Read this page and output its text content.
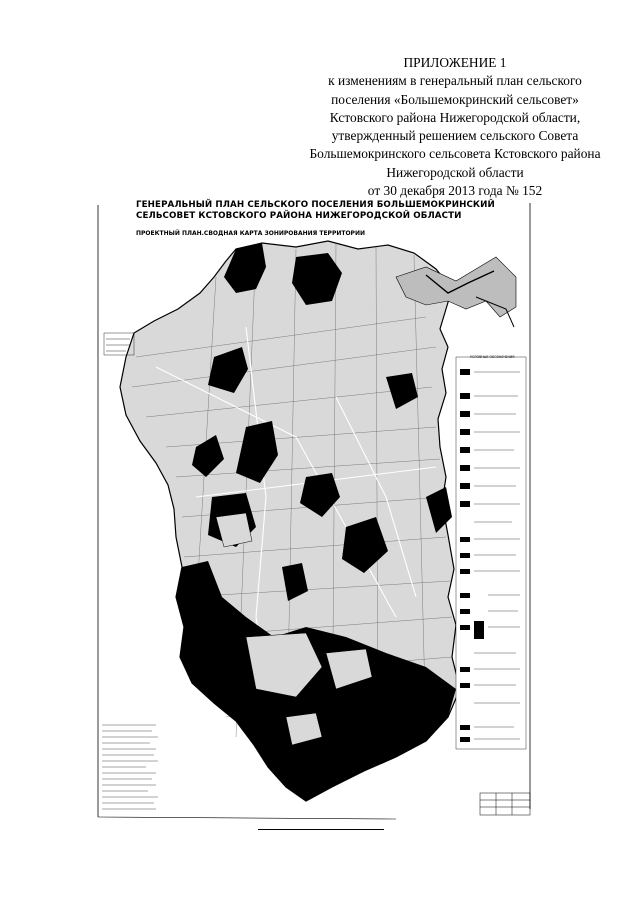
ПРИЛОЖЕНИЕ 1
к изменениям в генеральный план сельского
поселения «Большемокринский сельсовет»
Кстовского района Нижегородской области,
утвержденный решением сельского Совета
Большемокринского сельсовета Кстовского района
Нижегородской области
от 30 декабря 2013 года № 152
ГЕНЕРАЛЬНЫЙ ПЛАН СЕЛЬСКОГО ПОСЕЛЕНИЯ БОЛЬШЕМОКРИНСКИЙ
СЕЛЬСОВЕТ КСТОВСКОГО РАЙОНА НИЖЕГОРОДСКОЙ ОБЛАСТИ
ПРОЕКТНЫЙ ПЛАН.СВОДНАЯ КАРТА ЗОНИРОВАНИЯ ТЕРРИТОРИИ
УСЛОВНЫЕ ОБОЗНАЧЕНИЯ
